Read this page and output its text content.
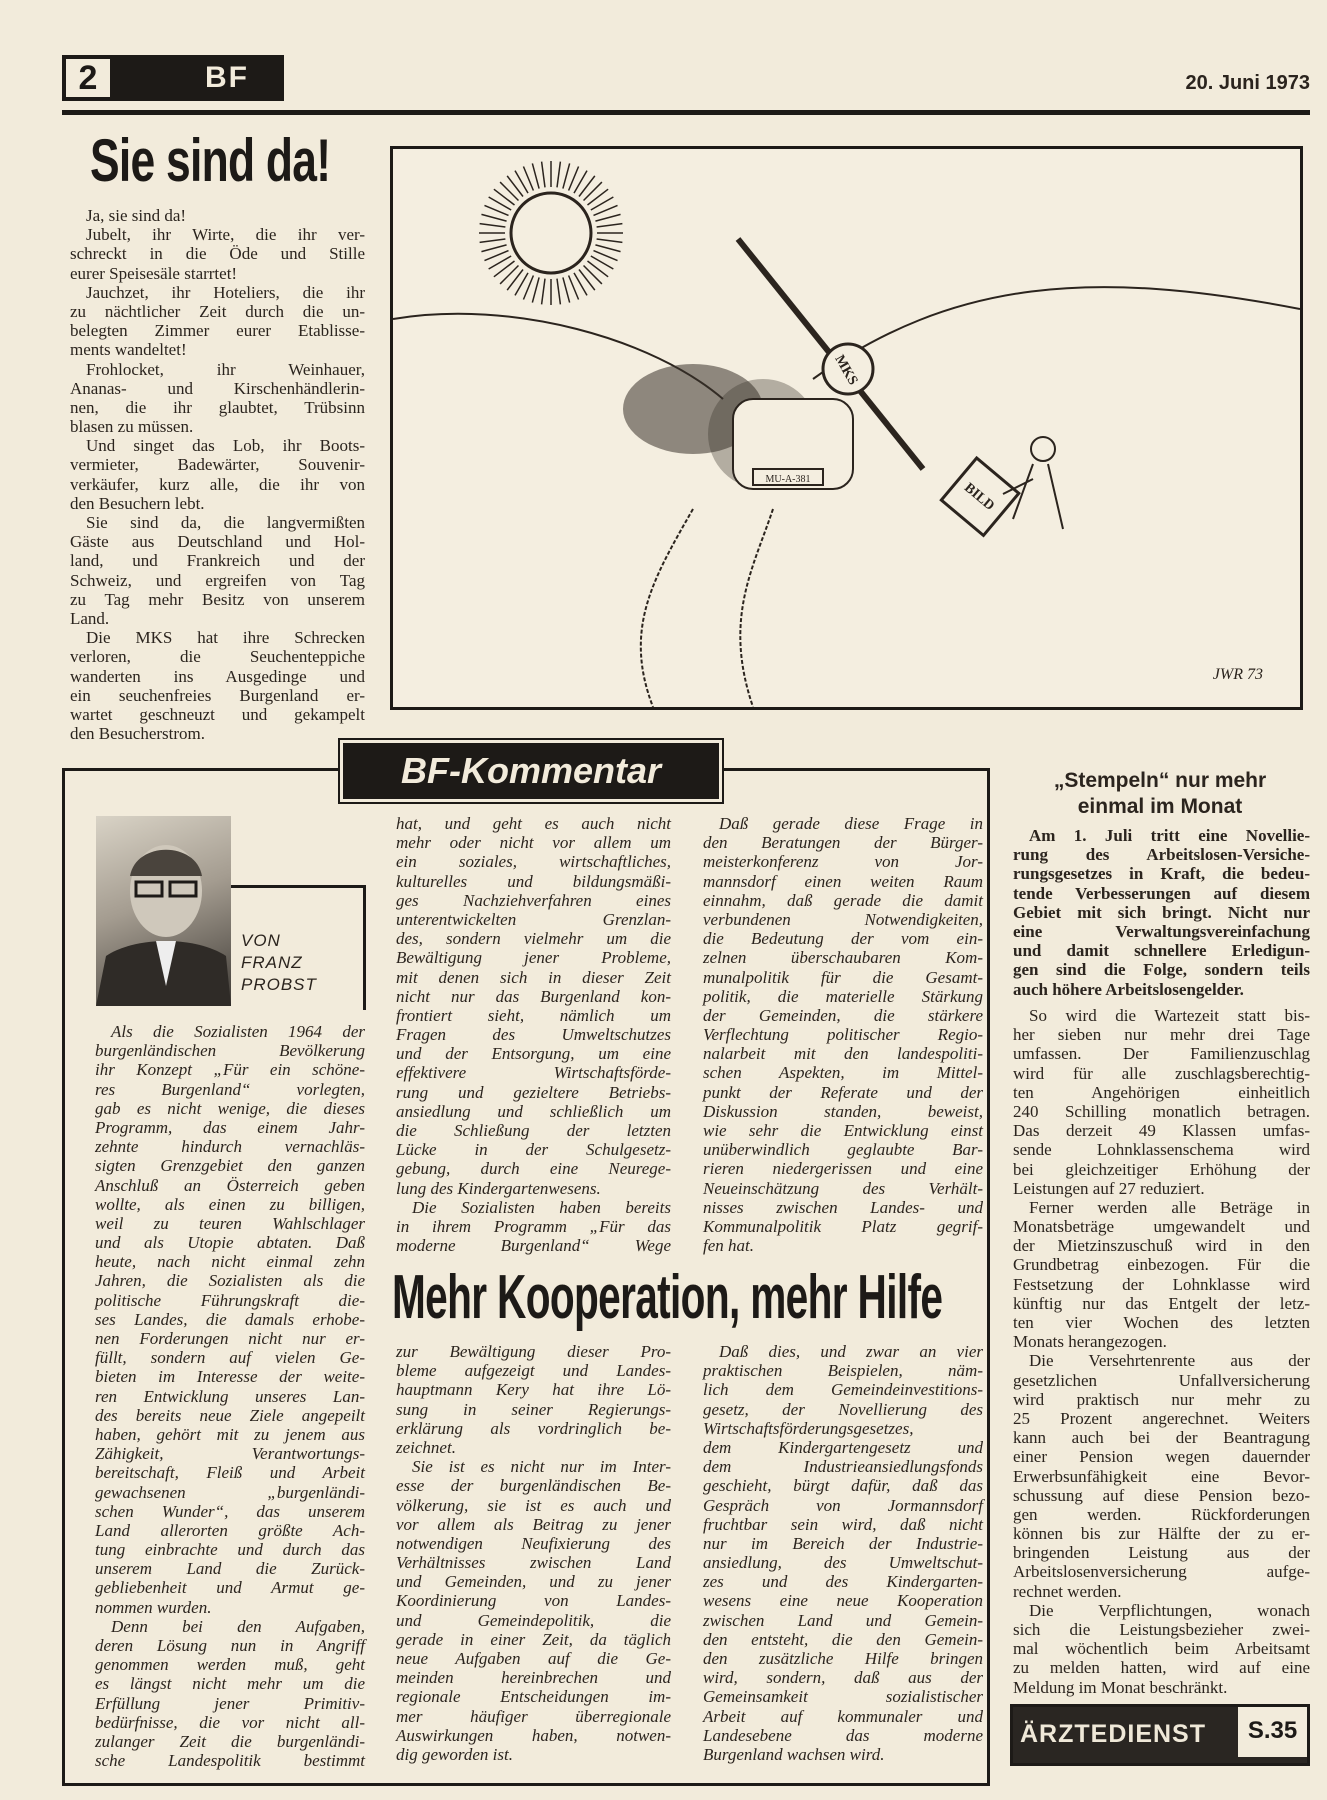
2	BF	20. Juni 1973
Sie sind da!

Ja, sie sind da!

Jubelt, ihr Wirte, die ihr ver-
schreckt in die Öde und Stille
eurer Speisesäle starrtet!

Jauchzet, ihr Hoteliers, die ihr
zu nächtlicher Zeit durch die un-
belegten Zimmer eurer Etablisse-
ments wandeltet!

Frohlocket, ihr Weinhauer,
Ananas- und Kirschenhändlerin-
nen, die ihr glaubtet, Trübsinn
blasen zu müssen.

Und singet das Lob, ihr Boots-
vermieter, Badewärter, Souvenir-
verkäufer, kurz alle, die ihr von
den Besuchern lebt.

Sie sind da, die langvermißten
Gäste aus Deutschland und Hol-
land, und Frankreich und der
Schweiz, und ergreifen von Tag
zu Tag mehr Besitz von unserem
Land.

Die MKS hat ihre Schrecken
verloren, die Seuchenteppiche
wanderten ins Ausgedinge und
ein seuchenfreies Burgenland er-
wartet geschneuzt und gekampelt
den Besucherstrom.

MU-A-381
MKS
BILD
JWR 73
BF-Kommentar
VON
FRANZ
PROBST

Als die Sozialisten 1964 der
burgenländischen Bevölkerung
ihr Konzept „Für ein schöne-
res Burgenland“ vorlegten,
gab es nicht wenige, die dieses
Programm, das einem Jahr-
zehnte hindurch vernachläs-
sigten Grenzgebiet den ganzen
Anschluß an Österreich geben
wollte, als einen zu billigen,
weil zu teuren Wahlschlager
und als Utopie abtaten. Daß
heute, nach nicht einmal zehn
Jahren, die Sozialisten als die
politische Führungskraft die-
ses Landes, die damals erhobe-
nen Forderungen nicht nur er-
füllt, sondern auf vielen Ge-
bieten im Interesse der weite-
ren Entwicklung unseres Lan-
des bereits neue Ziele angepeilt
haben, gehört mit zu jenem aus
Zähigkeit, Verantwortungs-
bereitschaft, Fleiß und Arbeit
gewachsenen „burgenländi-
schen Wunder“, das unserem
Land allerorten größte Ach-
tung einbrachte und durch das
unserem Land die Zurück-
gebliebenheit und Armut ge-
nommen wurden.

Denn bei den Aufgaben,
deren Lösung nun in Angriff
genommen werden muß, geht
es längst nicht mehr um die
Erfüllung jener Primitiv-
bedürfnisse, die vor nicht all-
zulanger Zeit die burgenländi-
sche Landespolitik bestimmt

hat, und geht es auch nicht
mehr oder nicht vor allem um
ein soziales, wirtschaftliches,
kulturelles und bildungsmäßi-
ges Nachziehverfahren eines
unterentwickelten Grenzlan-
des, sondern vielmehr um die
Bewältigung jener Probleme,
mit denen sich in dieser Zeit
nicht nur das Burgenland kon-
frontiert sieht, nämlich um
Fragen des Umweltschutzes
und der Entsorgung, um eine
effektivere Wirtschaftsförde-
rung und gezieltere Betriebs-
ansiedlung und schließlich um
die Schließung der letzten
Lücke in der Schulgesetz-
gebung, durch eine Neurege-
lung des Kindergartenwesens.

Die Sozialisten haben bereits
in ihrem Programm „Für das
moderne Burgenland“ Wege

Daß gerade diese Frage in
den Beratungen der Bürger-
meisterkonferenz von Jor-
mannsdorf einen weiten Raum
einnahm, daß gerade die damit
verbundenen Notwendigkeiten,
die Bedeutung der vom ein-
zelnen überschaubaren Kom-
munalpolitik für die Gesamt-
politik, die materielle Stärkung
der Gemeinden, die stärkere
Verflechtung politischer Regio-
nalarbeit mit den landespoliti-
schen Aspekten, im Mittel-
punkt der Referate und der
Diskussion standen, beweist,
wie sehr die Entwicklung einst
unüberwindlich geglaubte Bar-
rieren niedergerissen und eine
Neueinschätzung des Verhält-
nisses zwischen Landes- und
Kommunalpolitik Platz gegrif-
fen hat.

Mehr Kooperation, mehr Hilfe

zur Bewältigung dieser Pro-
bleme aufgezeigt und Landes-
hauptmann Kery hat ihre Lö-
sung in seiner Regierungs-
erklärung als vordringlich be-
zeichnet.

Sie ist es nicht nur im Inter-
esse der burgenländischen Be-
völkerung, sie ist es auch und
vor allem als Beitrag zu jener
notwendigen Neufixierung des
Verhältnisses zwischen Land
und Gemeinden, und zu jener
Koordinierung von Landes-
und Gemeindepolitik, die
gerade in einer Zeit, da täglich
neue Aufgaben auf die Ge-
meinden hereinbrechen und
regionale Entscheidungen im-
mer häufiger überregionale
Auswirkungen haben, notwen-
dig geworden ist.

Daß dies, und zwar an vier
praktischen Beispielen, näm-
lich dem Gemeindeinvestitions-
gesetz, der Novellierung des
Wirtschaftsförderungsgesetzes,
dem Kindergartengesetz und
dem Industrieansiedlungsfonds
geschieht, bürgt dafür, daß das
Gespräch von Jormannsdorf
fruchtbar sein wird, daß nicht
nur im Bereich der Industrie-
ansiedlung, des Umweltschut-
zes und des Kindergarten-
wesens eine neue Kooperation
zwischen Land und Gemein-
den entsteht, die den Gemein-
den zusätzliche Hilfe bringen
wird, sondern, daß aus der
Gemeinsamkeit sozialistischer
Arbeit auf kommunaler und
Landesebene das moderne
Burgenland wachsen wird.

„Stempeln“ nur mehr
einmal im Monat

Am 1. Juli tritt eine Novellie-
rung des Arbeitslosen-Versiche-
rungsgesetzes in Kraft, die bedeu-
tende Verbesserungen auf diesem
Gebiet mit sich bringt. Nicht nur
eine Verwaltungsvereinfachung
und damit schnellere Erledigun-
gen sind die Folge, sondern teils
auch höhere Arbeitslosengelder.

So wird die Wartezeit statt bis-
her sieben nur mehr drei Tage
umfassen. Der Familienzuschlag
wird für alle zuschlagsberechtig-
ten Angehörigen einheitlich
240 Schilling monatlich betragen.
Das derzeit 49 Klassen umfas-
sende Lohnklassenschema wird
bei gleichzeitiger Erhöhung der
Leistungen auf 27 reduziert.

Ferner werden alle Beträge in
Monatsbeträge umgewandelt und
der Mietzinszuschuß wird in den
Grundbetrag einbezogen. Für die
Festsetzung der Lohnklasse wird
künftig nur das Entgelt der letz-
ten vier Wochen des letzten
Monats herangezogen.

Die Versehrtenrente aus der
gesetzlichen Unfallversicherung
wird praktisch nur mehr zu
25 Prozent angerechnet. Weiters
kann auch bei der Beantragung
einer Pension wegen dauernder
Erwerbsunfähigkeit eine Bevor-
schussung auf diese Pension bezo-
gen werden. Rückforderungen
können bis zur Hälfte der zu er-
bringenden Leistung aus der
Arbeitslosenversicherung aufge-
rechnet werden.

Die Verpflichtungen, wonach
sich die Leistungsbezieher zwei-
mal wöchentlich beim Arbeitsamt
zu melden hatten, wird auf eine
Meldung im Monat beschränkt.

ÄRZTEDIENST	S.35
